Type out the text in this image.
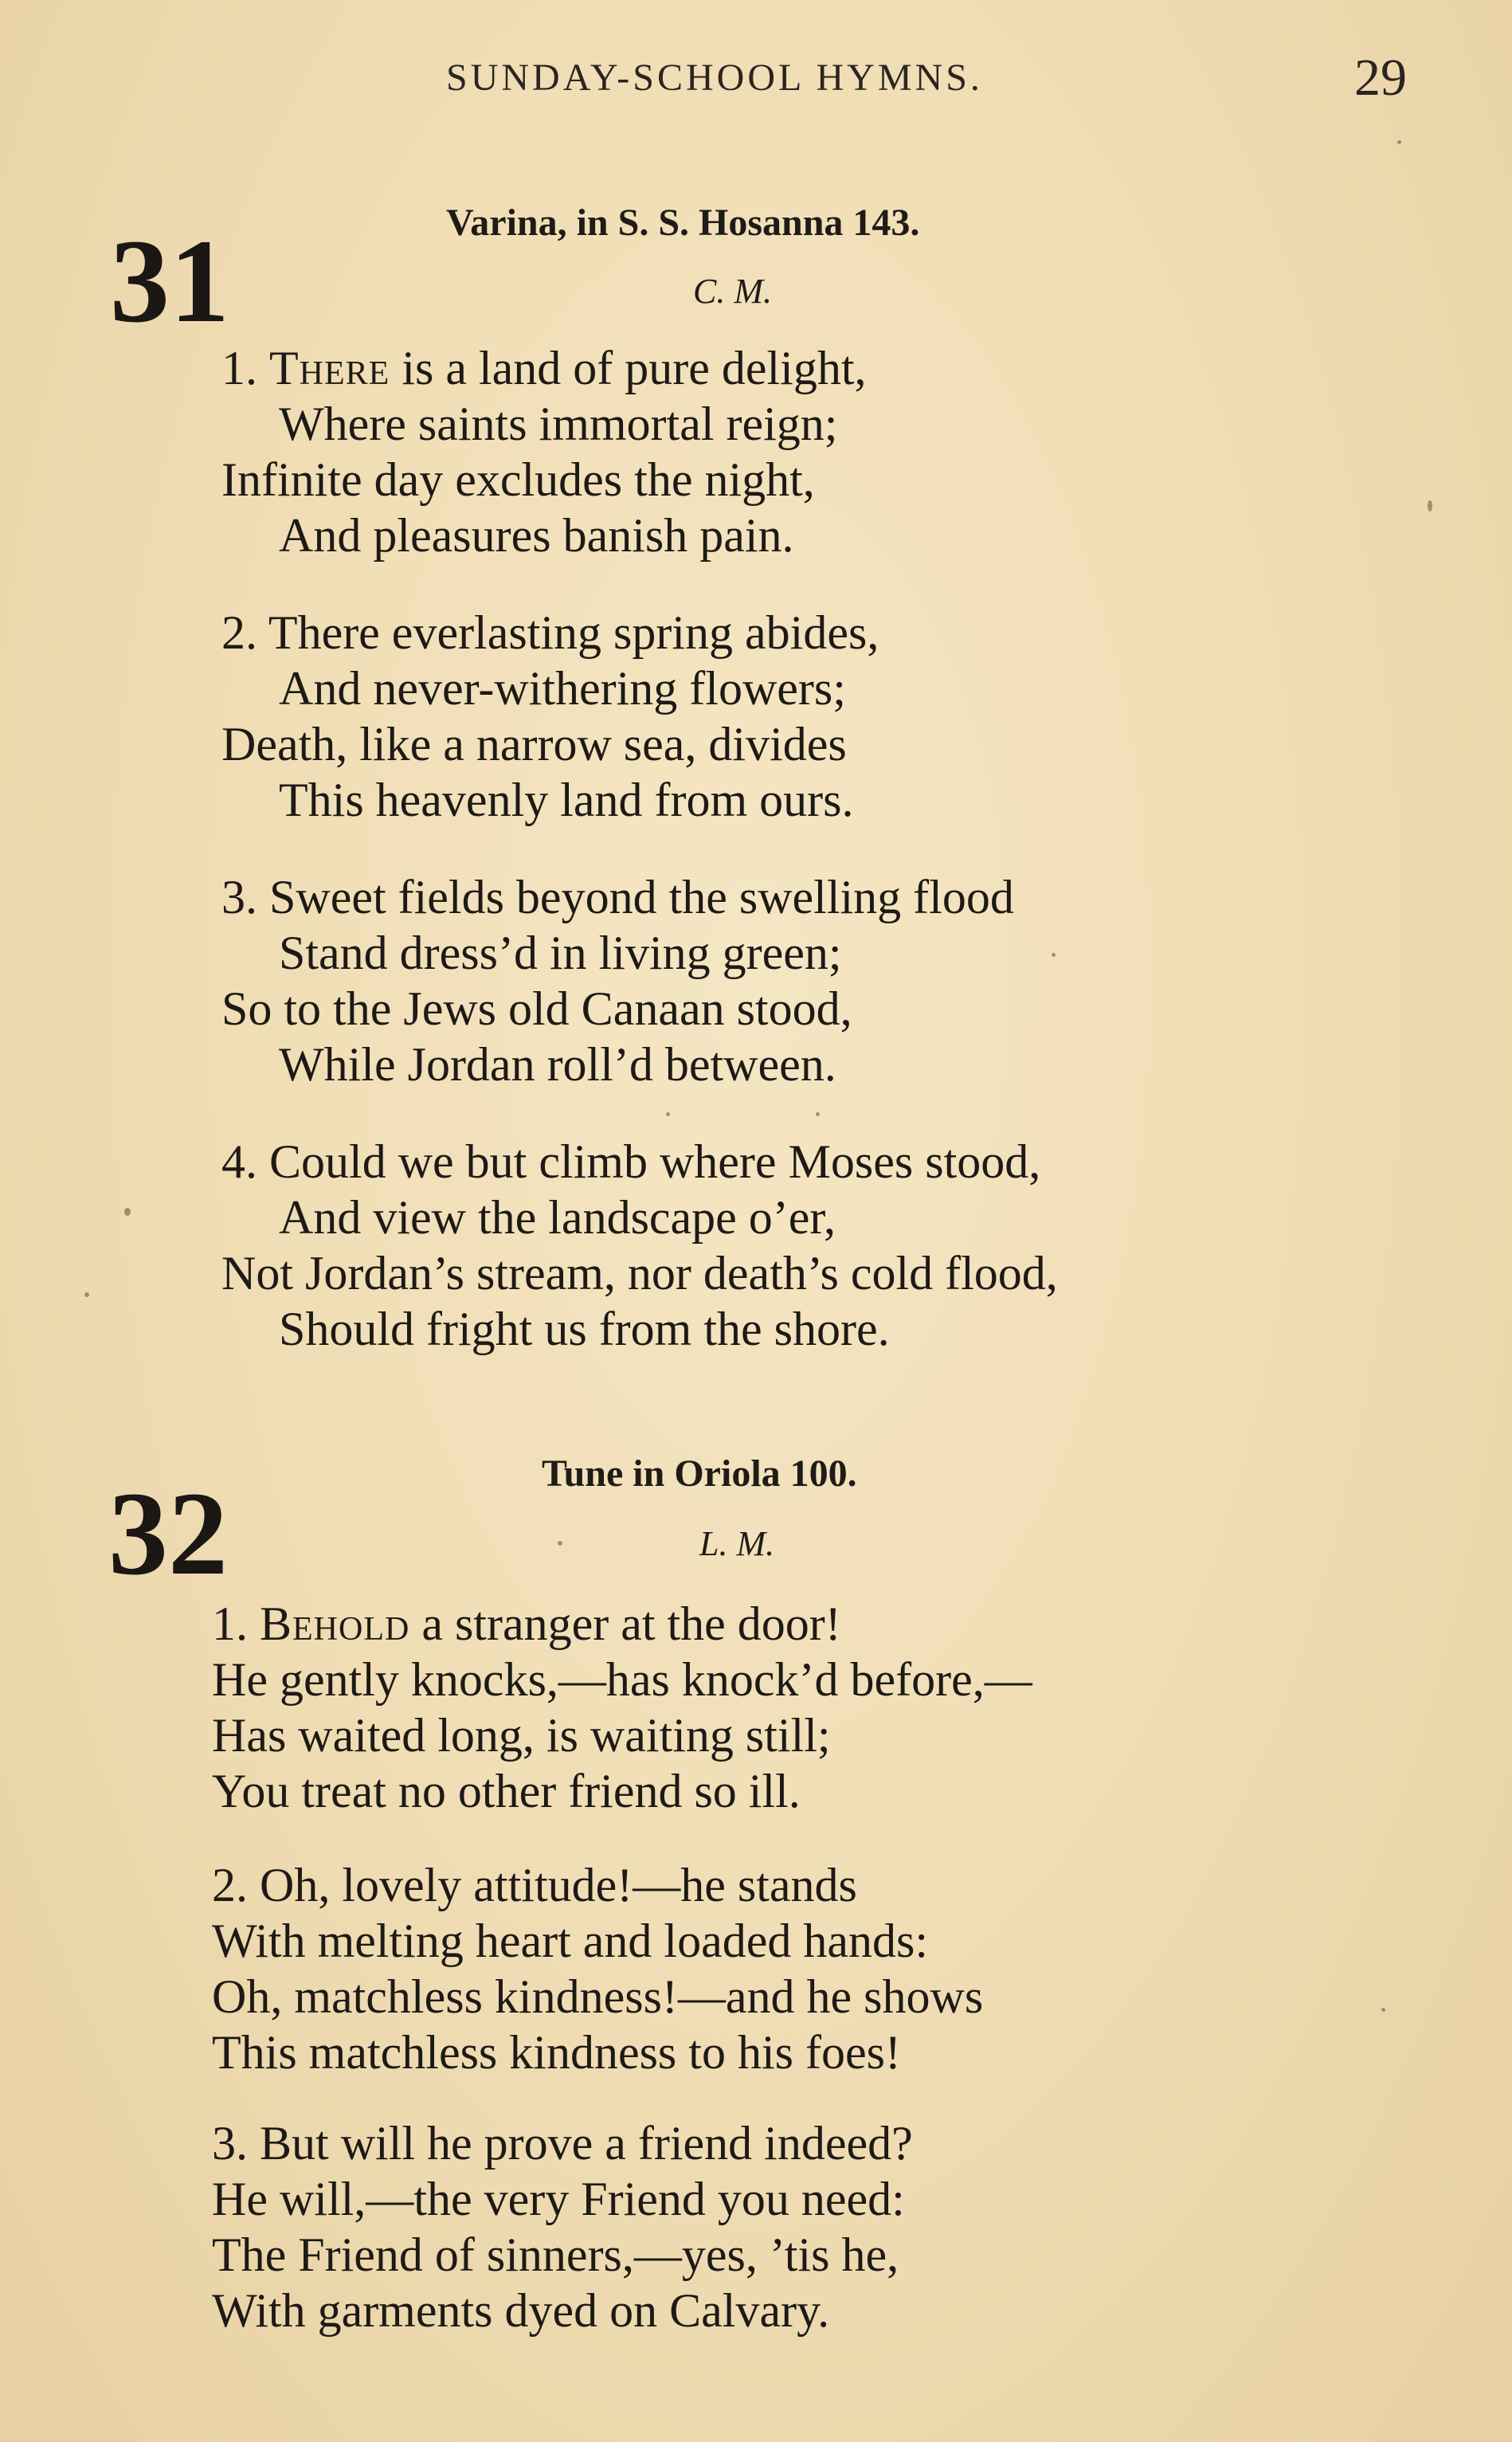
SUNDAY-SCHOOL HYMNS.	29
31	Varina, in S. S. Hosanna 143.
C. M.
1. There is a land of pure delight,
Where saints immortal reign;
Infinite day excludes the night,
And pleasures banish pain.
2. There everlasting spring abides,
And never-withering flowers;
Death, like a narrow sea, divides
This heavenly land from ours.
3. Sweet fields beyond the swelling flood
Stand dress’d in living green;
So to the Jews old Canaan stood,
While Jordan roll’d between.
4. Could we but climb where Moses stood,
And view the landscape o’er,
Not Jordan’s stream, nor death’s cold flood,
Should fright us from the shore.
32	Tune in Oriola 100.
L. M.
1. Behold a stranger at the door!
He gently knocks,—has knock’d before,—
Has waited long, is waiting still;
You treat no other friend so ill.
2. Oh, lovely attitude!—he stands
With melting heart and loaded hands:
Oh, matchless kindness!—and he shows
This matchless kindness to his foes!
3. But will he prove a friend indeed?
He will,—the very Friend you need:
The Friend of sinners,—yes, ’tis he,
With garments dyed on Calvary.
